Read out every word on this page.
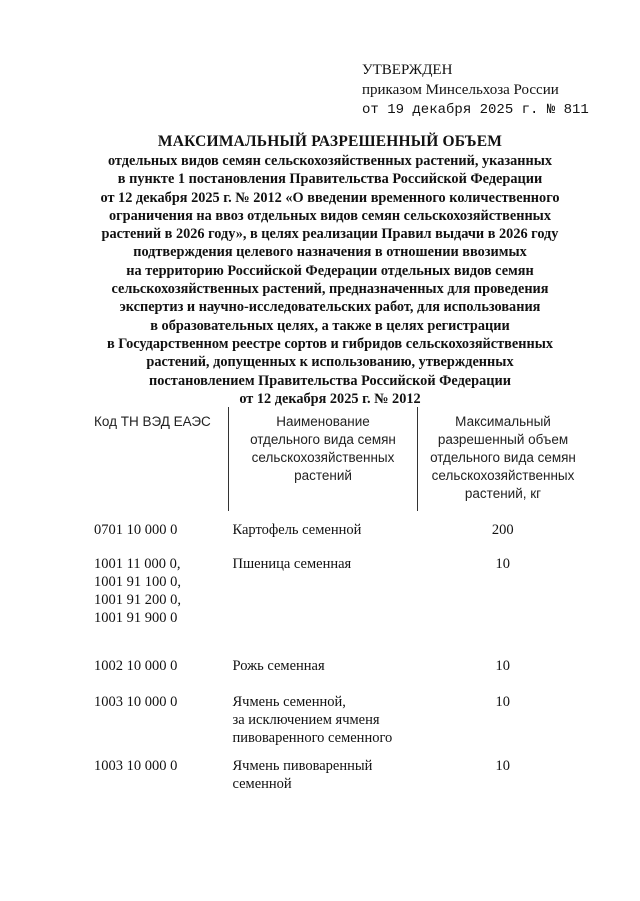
УТВЕРЖДЕН
приказом Минсельхоза России
от 19 декабря 2025 г. № 811
МАКСИМАЛЬНЫЙ РАЗРЕШЕННЫЙ ОБЪЕМ
отдельных видов семян сельскохозяйственных растений, указанных
в пункте 1 постановления Правительства Российской Федерации
от 12 декабря 2025 г. № 2012 «О введении временного количественного
ограничения на ввоз отдельных видов семян сельскохозяйственных
растений в 2026 году», в целях реализации Правил выдачи в 2026 году
подтверждения целевого назначения в отношении ввозимых
на территорию Российской Федерации отдельных видов семян
сельскохозяйственных растений, предназначенных для проведения
экспертиз и научно-исследовательских работ, для использования
в образовательных целях, а также в целях регистрации
в Государственном реестре сортов и гибридов сельскохозяйственных
растений, допущенных к использованию, утвержденных
постановлением Правительства Российской Федерации
от 12 декабря 2025 г. № 2012
Код ТН ВЭД ЕАЭС	Наименование
отдельного вида семян
сельскохозяйственных
растений	Максимальный
разрешенный объем
отдельного вида семян
сельскохозяйственных
растений, кг

0701 10 000 0	Картофель семенной	200

1001 11 000 0,
1001 91 100 0,
1001 91 200 0,
1001 91 900 0	Пшеница семенная	10

1002 10 000 0	Рожь семенная	10

1003 10 000 0	Ячмень семенной,
за исключением ячменя
пивоваренного семенного	10

1003 10 000 0	Ячмень пивоваренный
семенной	10
